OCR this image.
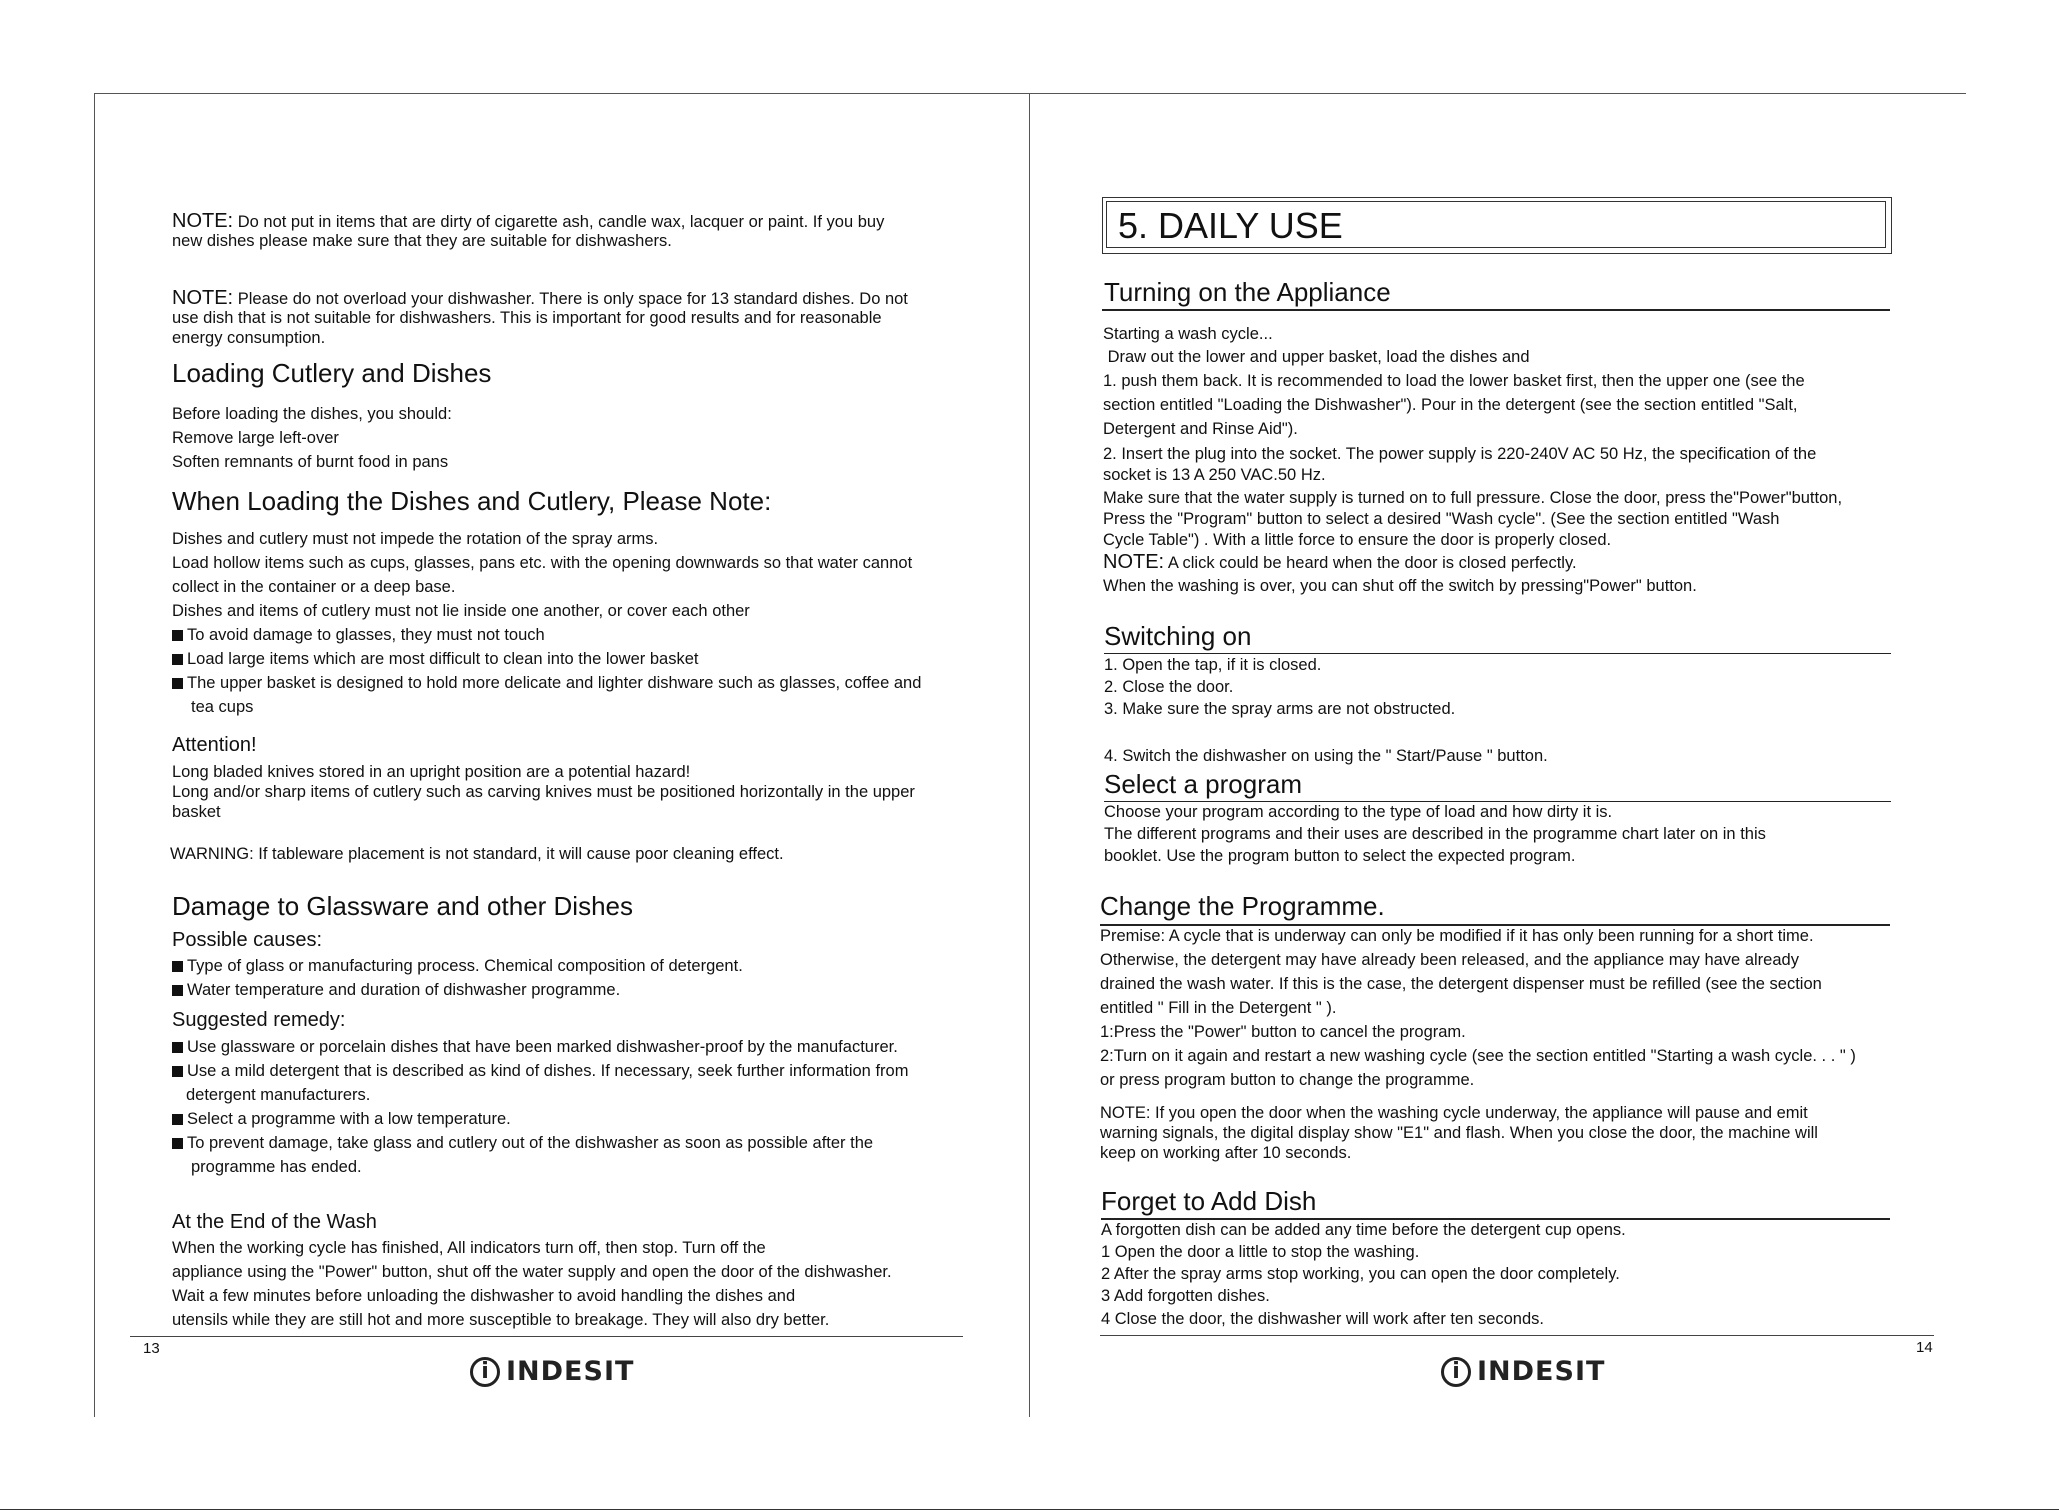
NOTE: Do not put in items that are dirty of cigarette ash, candle wax, lacquer or paint. If you buy
new dishes please make sure that they are suitable for dishwashers.
NOTE: Please do not overload your dishwasher. There is only space for 13 standard dishes. Do not
use dish that is not suitable for dishwashers. This is important for good results and for reasonable
energy consumption.
Loading Cutlery and Dishes
Before loading the dishes, you should:
Remove large left-over
Soften remnants of burnt food in pans
When Loading the Dishes and Cutlery, Please Note:
Dishes and cutlery must not impede the rotation of the spray arms.
Load hollow items such as cups, glasses, pans etc. with the opening downwards so that water cannot
collect in the container or a deep base.
Dishes and items of cutlery must not lie inside one another, or cover each other
To avoid damage to glasses, they must not touch
Load large items which are most difficult to clean into the lower basket
The upper basket is designed to hold more delicate and lighter dishware such as glasses, coffee and
tea cups
Attention!
Long bladed knives stored in an upright position are a potential hazard!
Long and/or sharp items of cutlery such as carving knives must be positioned horizontally in the upper
basket
WARNING: If tableware placement is not standard, it will cause poor cleaning effect.
Damage to Glassware and other Dishes
Possible causes:
Type of glass or manufacturing process. Chemical composition of detergent.
Water temperature and duration of dishwasher programme.
Suggested remedy:
Use glassware or porcelain dishes that have been marked dishwasher-proof by the manufacturer.
Use a mild detergent that is described as kind of dishes. If necessary, seek further information from
detergent manufacturers.
Select a programme with a low temperature.
To prevent damage, take glass and cutlery out of the dishwasher as soon as possible after the
programme has ended.
At the End of the Wash
When the working cycle has finished, All indicators turn off, then stop. Turn off the
appliance using the "Power" button, shut off the water supply and open the door of the dishwasher.
Wait a few minutes before unloading the dishwasher to avoid handling the dishes and
utensils while they are still hot and more susceptible to breakage. They will also dry better.
13
i INDESIT
5. DAILY USE
Turning on the Appliance
Starting a wash cycle...
Draw out the lower and upper basket, load the dishes and
1. push them back. It is recommended to load the lower basket first, then the upper one (see the
section entitled "Loading the Dishwasher"). Pour in the detergent (see the section entitled "Salt,
Detergent and Rinse Aid").
2. Insert the plug into the socket. The power supply is 220-240V AC 50 Hz, the specification of the
socket is 13 A 250 VAC.50 Hz.
Make sure that the water supply is turned on to full pressure. Close the door, press the"Power"button,
Press the "Program" button to select a desired "Wash cycle". (See the section entitled "Wash
Cycle Table") . With a little force to ensure the door is properly closed.
NOTE: A click could be heard when the door is closed perfectly.
When the washing is over, you can shut off the switch by pressing"Power" button.
Switching on
1. Open the tap, if it is closed.
2. Close the door.
3. Make sure the spray arms are not obstructed.
4. Switch the dishwasher on using the " Start/Pause " button.
Select a program
Choose your program according to the type of load and how dirty it is.
The different programs and their uses are described in the programme chart later on in this
booklet. Use the program button to select the expected program.
Change the Programme.
Premise: A cycle that is underway can only be modified if it has only been running for a short time.
Otherwise, the detergent may have already been released, and the appliance may have already
drained the wash water. If this is the case, the detergent dispenser must be refilled (see the section
entitled " Fill in the Detergent " ).
1:Press the "Power" button to cancel the program.
2:Turn on it again and restart a new washing cycle (see the section entitled "Starting a wash cycle. . . " )
or press program button to change the programme.
NOTE: If you open the door when the washing cycle underway, the appliance will pause and emit
warning signals, the digital display show "E1" and flash. When you close the door, the machine will
keep on working after 10 seconds.
Forget to Add Dish
A forgotten dish can be added any time before the detergent cup opens.
1 Open the door a little to stop the washing.
2 After the spray arms stop working, you can open the door completely.
3 Add forgotten dishes.
4 Close the door, the dishwasher will work after ten seconds.
14
i INDESIT
